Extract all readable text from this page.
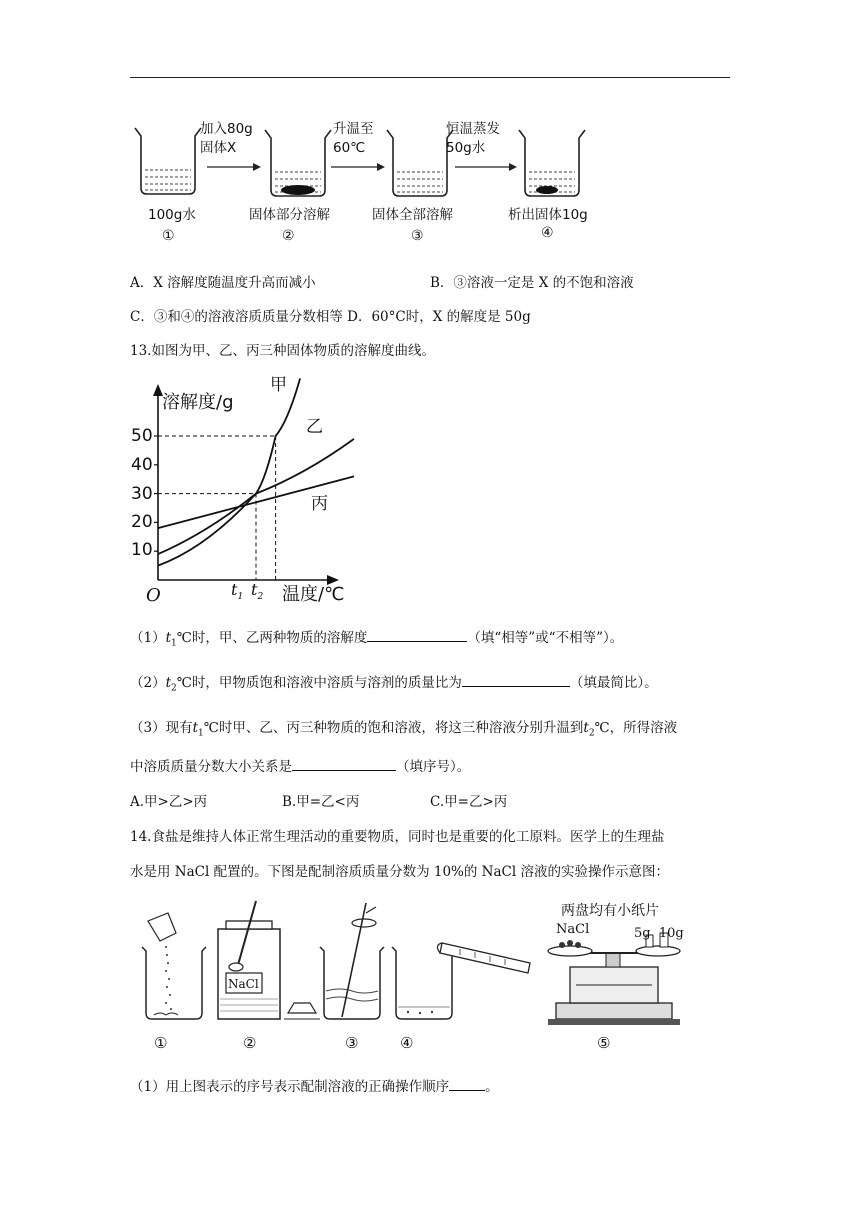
加入80g
固体X
升温至
60℃
恒温蒸发
50g水
100g水	固体部分溶解	固体全部溶解	析出固体10g
①	②	③	④
A．X 溶解度随温度升高而减小	B．③溶液一定是 X 的不饱和溶液
C．③和④的溶液溶质质量分数相等 D．60°C时，X 的解度是 50g
13.如图为甲、乙、丙三种固体物质的溶解度曲线。
溶解度/g
温度/℃
O
50
40
30
20
10
$t_1$ $t_2$
甲
乙
丙
$(1)t_1℃$时，甲、乙两种物质的溶解度	（填“相等”或“不相等”）。
$(2)t_2℃$时，甲物质饱和溶液中溶质与溶剂的质量比为	（填最简比）。
（3）现有$t_1℃$时甲、乙、丙三种物质的饱和溶液，将这三种溶液分别升温到$t_2℃$，所得溶液
中溶质质量分数大小关系是	（填序号）。
A.甲>乙>丙	B.甲=乙<丙	C.甲=乙>丙
14.食盐是维持人体正常生理活动的重要物质，同时也是重要的化工原料。医学上的生理盐
水是用 NaCl 配置的。下图是配制溶质质量分数为 10%的 NaCl 溶液的实验操作示意图：
两盘均有小纸片
NaCl	5g  10g
NaCl
①	②	③	④	⑤
（1）用上图表示的序号表示配制溶液的正确操作顺序	。
